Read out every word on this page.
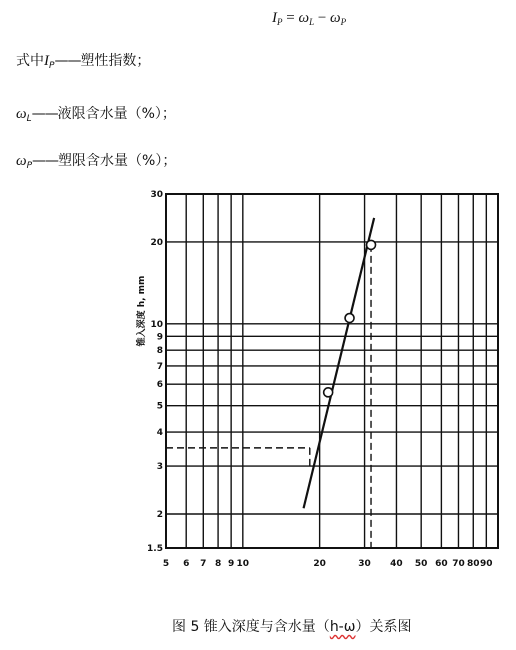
$I_P = \omega_L - \omega_P$
式中$I_P——$塑性指数；
$\omega_L——$液限含水量（%）；
$\omega_P——$塑限含水量（%）；
5 6 7 8 9 10	20	30 40 50 60 70 80 90
1.5
2
3
4
5
6
7
8
9
10
20
30
锥入深度 h, mm
图 5 锥入深度与含水量（h-ω）关系图
